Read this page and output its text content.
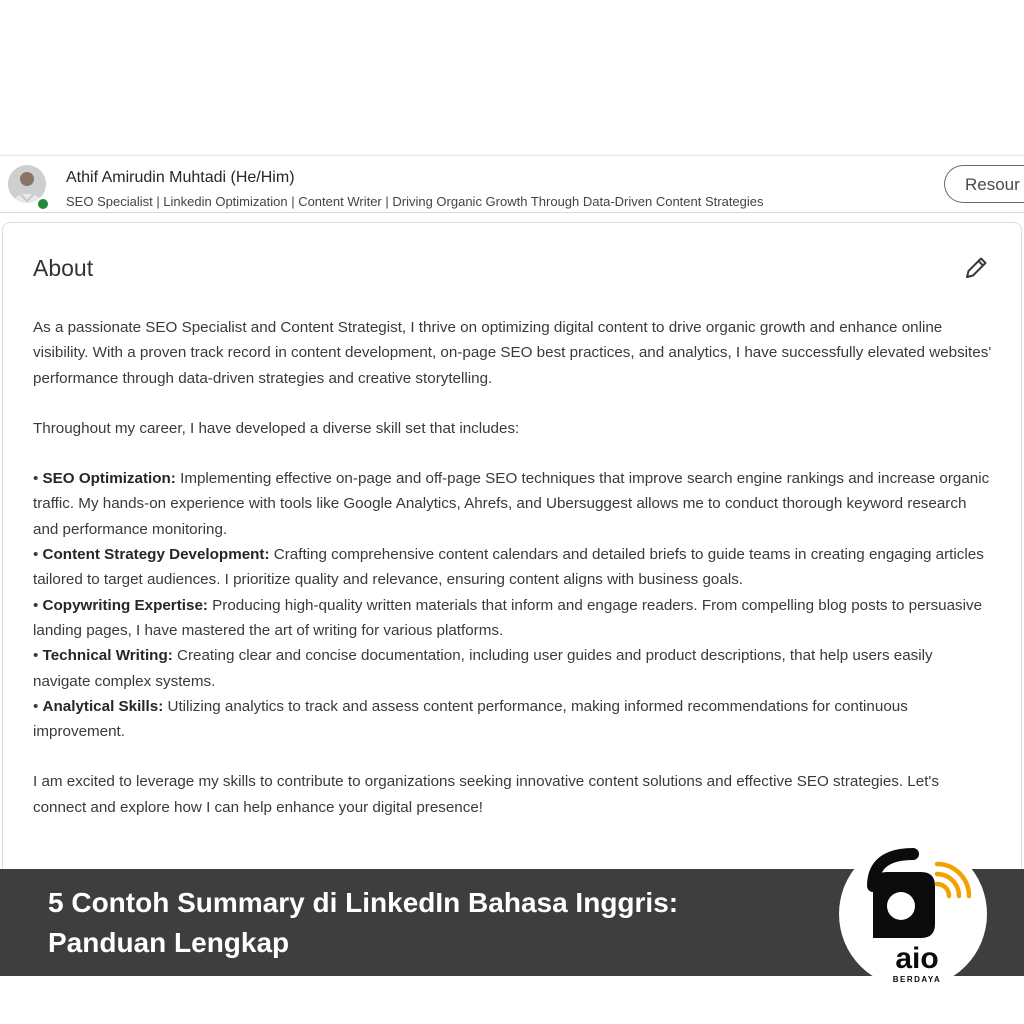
Athif Amirudin Muhtadi (He/Him)
SEO Specialist | Linkedin Optimization | Content Writer | Driving Organic Growth Through Data-Driven Content Strategies
Resour
About

As a passionate SEO Specialist and Content Strategist, I thrive on optimizing digital content to drive organic growth and enhance online visibility. With a proven track record in content development, on-page SEO best practices, and analytics, I have successfully elevated websites' performance through data-driven strategies and creative storytelling.

Throughout my career, I have developed a diverse skill set that includes:

• SEO Optimization: Implementing effective on-page and off-page SEO techniques that improve search engine rankings and increase organic traffic. My hands-on experience with tools like Google Analytics, Ahrefs, and Ubersuggest allows me to conduct thorough keyword research and performance monitoring.

• Content Strategy Development: Crafting comprehensive content calendars and detailed briefs to guide teams in creating engaging articles tailored to target audiences. I prioritize quality and relevance, ensuring content aligns with business goals.

• Copywriting Expertise: Producing high-quality written materials that inform and engage readers. From compelling blog posts to persuasive landing pages, I have mastered the art of writing for various platforms.

• Technical Writing: Creating clear and concise documentation, including user guides and product descriptions, that help users easily navigate complex systems.

• Analytical Skills: Utilizing analytics to track and assess content performance, making informed recommendations for continuous improvement.

I am excited to leverage my skills to contribute to organizations seeking innovative content solutions and effective SEO strategies. Let's connect and explore how I can help enhance your digital presence!

5 Contoh Summary di LinkedIn Bahasa Inggris:
Panduan Lengkap	aio
BERDAYA
